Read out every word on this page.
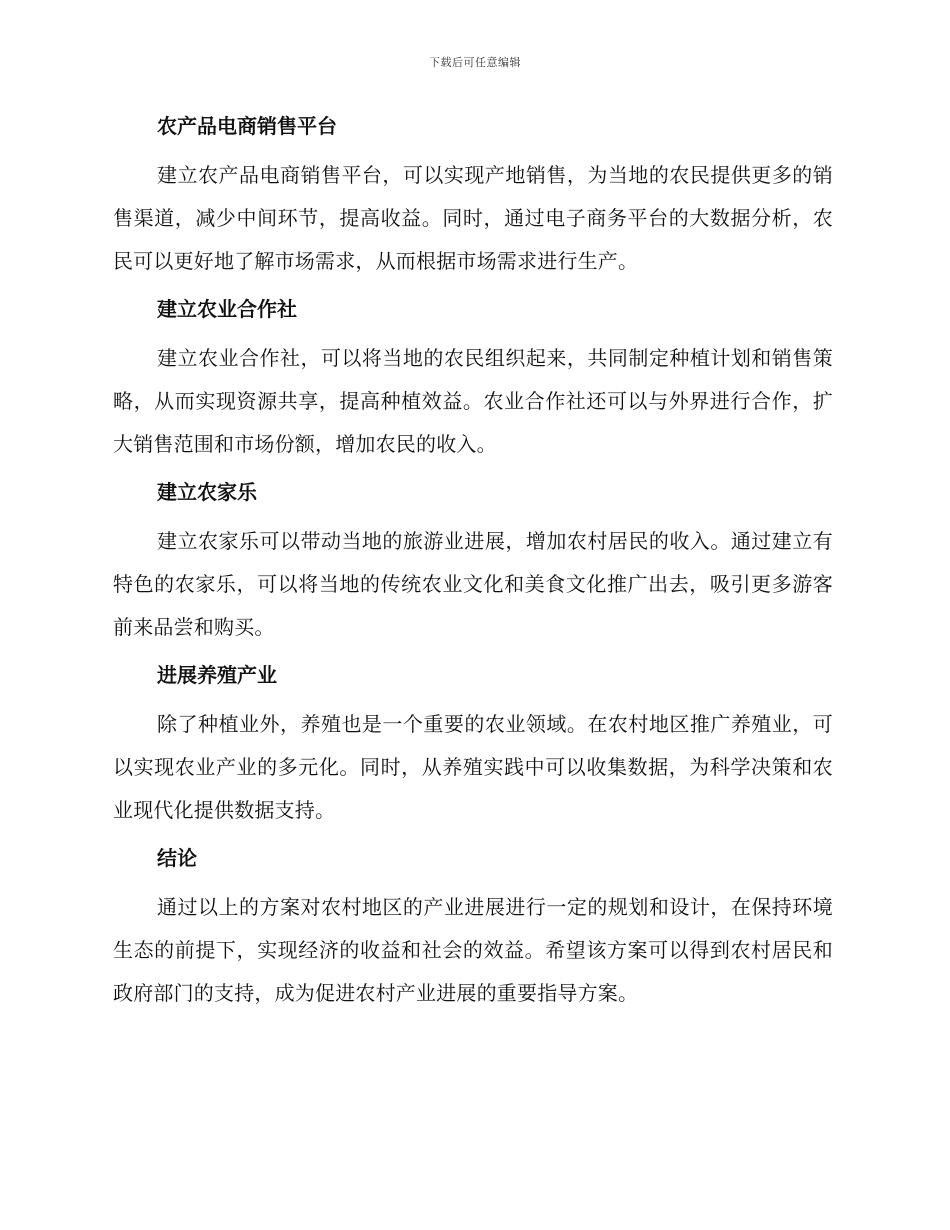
下载后可任意编辑

农产品电商销售平台

建立农产品电商销售平台，可以实现产地销售，为当地的农民提供更多的销售渠道，减少中间环节，提高收益。同时，通过电子商务平台的大数据分析，农民可以更好地了解市场需求，从而根据市场需求进行生产。

建立农业合作社

建立农业合作社，可以将当地的农民组织起来，共同制定种植计划和销售策略，从而实现资源共享，提高种植效益。农业合作社还可以与外界进行合作，扩大销售范围和市场份额，增加农民的收入。

建立农家乐

建立农家乐可以带动当地的旅游业进展，增加农村居民的收入。通过建立有特色的农家乐，可以将当地的传统农业文化和美食文化推广出去，吸引更多游客前来品尝和购买。

进展养殖产业

除了种植业外，养殖也是一个重要的农业领域。在农村地区推广养殖业，可以实现农业产业的多元化。同时，从养殖实践中可以收集数据，为科学决策和农业现代化提供数据支持。

结论

通过以上的方案对农村地区的产业进展进行一定的规划和设计，在保持环境生态的前提下，实现经济的收益和社会的效益。希望该方案可以得到农村居民和政府部门的支持，成为促进农村产业进展的重要指导方案。
